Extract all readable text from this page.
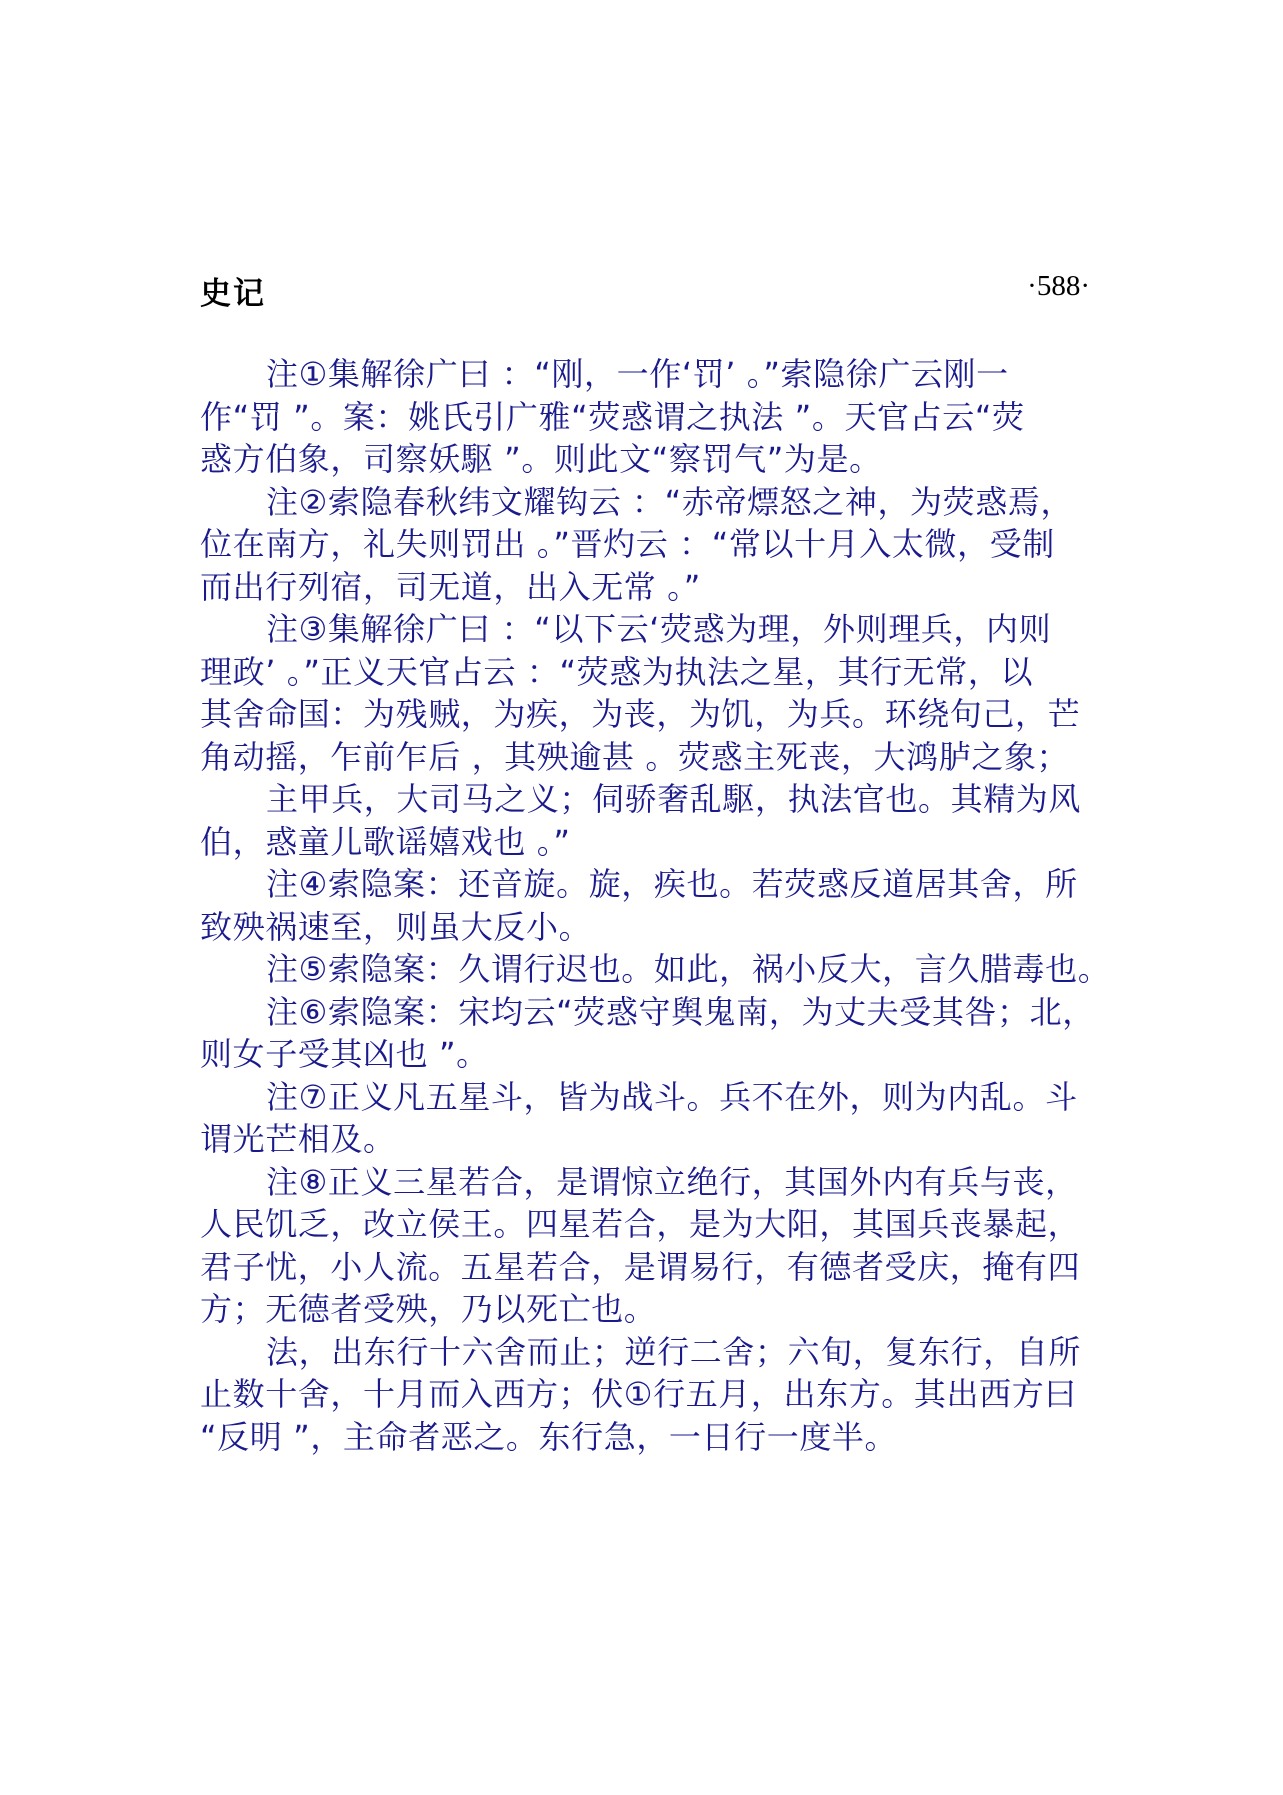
史记	·588·
注①集解徐广曰 ：“刚，一作‘罚’ 。”索隐徐广云刚一
作“罚 ”。案：姚氏引广雅“荧惑谓之执法 ”。天官占云“荧
惑方伯象，司察妖駆 ”。则此文“察罚气”为是。
注②索隐春秋纬文耀钩云 ：“赤帝熛怒之神，为荧惑焉，
位在南方，礼失则罚出 。”晋灼云 ：“常以十月入太微，受制
而出行列宿，司无道，出入无常 。”
注③集解徐广曰 ：“以下云‘荧惑为理，外则理兵，内则
理政’ 。”正义天官占云 ：“荧惑为执法之星，其行无常，以
其舍命国：为残贼，为疾，为丧，为饥，为兵。环绕句己，芒
角动摇，乍前乍后 ，其殃逾甚 。荧惑主死丧，大鸿胪之象；
主甲兵，大司马之义；伺骄奢乱駆，执法官也。其精为风
伯，惑童儿歌谣嬉戏也 。”
注④索隐案：还音旋。旋，疾也。若荧惑反道居其舍，所
致殃祸速至，则虽大反小。
注⑤索隐案：久谓行迟也。如此，祸小反大，言久腊毒也。
注⑥索隐案：宋均云“荧惑守舆鬼南，为丈夫受其咎；北，
则女子受其凶也 ”。
注⑦正义凡五星斗，皆为战斗。兵不在外，则为内乱。斗
谓光芒相及。
注⑧正义三星若合，是谓惊立绝行，其国外内有兵与丧，
人民饥乏，改立侯王。四星若合，是为大阳，其国兵丧暴起，
君子忧，小人流。五星若合，是谓易行，有德者受庆，掩有四
方；无德者受殃，乃以死亡也。
法，出东行十六舍而止；逆行二舍；六旬，复东行，自所
止数十舍，十月而入西方；伏①行五月，出东方。其出西方曰
“反明 ”，主命者恶之。东行急，一日行一度半。
